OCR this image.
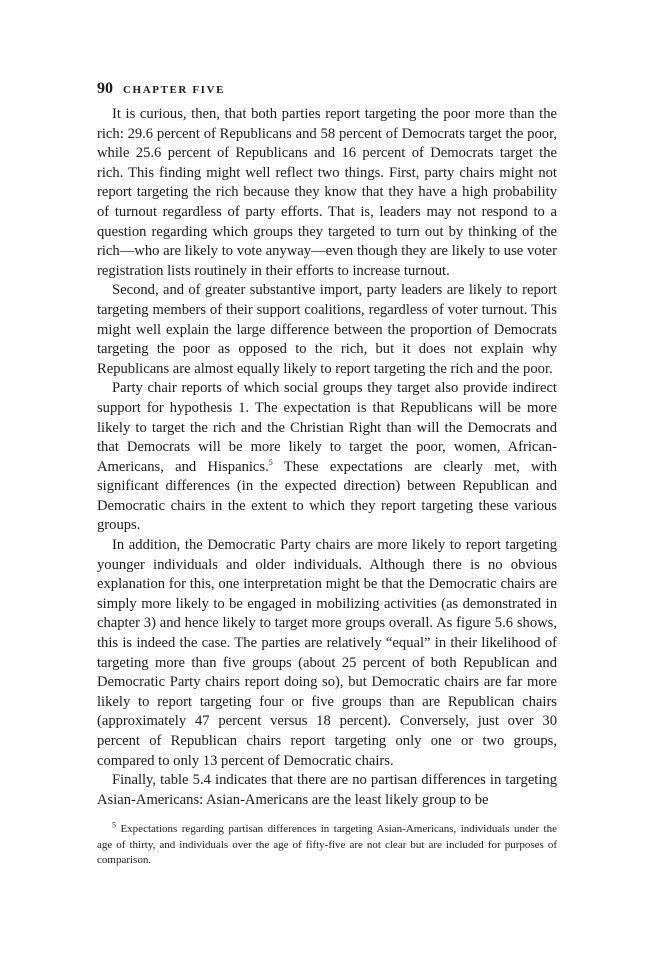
90 CHAPTER FIVE

It is curious, then, that both parties report targeting the poor more than the rich: 29.6 percent of Republicans and 58 percent of Democrats target the poor, while 25.6 percent of Republicans and 16 percent of Democrats target the rich. This finding might well reflect two things. First, party chairs might not report targeting the rich because they know that they have a high probability of turnout regardless of party efforts. That is, leaders may not respond to a question regarding which groups they targeted to turn out by thinking of the rich—who are likely to vote anyway—even though they are likely to use voter registration lists routinely in their efforts to increase turnout.

Second, and of greater substantive import, party leaders are likely to report targeting members of their support coalitions, regardless of voter turnout. This might well explain the large difference between the proportion of Democrats targeting the poor as opposed to the rich, but it does not explain why Republicans are almost equally likely to report targeting the rich and the poor.

Party chair reports of which social groups they target also provide indirect support for hypothesis 1. The expectation is that Republicans will be more likely to target the rich and the Christian Right than will the Democrats and that Democrats will be more likely to target the poor, women, African-Americans, and Hispanics.$^5$ These expectations are clearly met, with significant differences (in the expected direction) between Republican and Democratic chairs in the extent to which they report targeting these various groups.

In addition, the Democratic Party chairs are more likely to report targeting younger individuals and older individuals. Although there is no obvious explanation for this, one interpretation might be that the Democratic chairs are simply more likely to be engaged in mobilizing activities (as demonstrated in chapter 3) and hence likely to target more groups overall. As figure 5.6 shows, this is indeed the case. The parties are relatively “equal” in their likelihood of targeting more than five groups (about 25 percent of both Republican and Democratic Party chairs report doing so), but Democratic chairs are far more likely to report targeting four or five groups than are Republican chairs (approximately 47 percent versus 18 percent). Conversely, just over 30 percent of Republican chairs report targeting only one or two groups, compared to only 13 percent of Democratic chairs.

Finally, table 5.4 indicates that there are no partisan differences in targeting Asian-Americans: Asian-Americans are the least likely group to be

$^5$ Expectations regarding partisan differences in targeting Asian-Americans, individuals under the age of thirty, and individuals over the age of fifty-five are not clear but are included for purposes of comparison.
